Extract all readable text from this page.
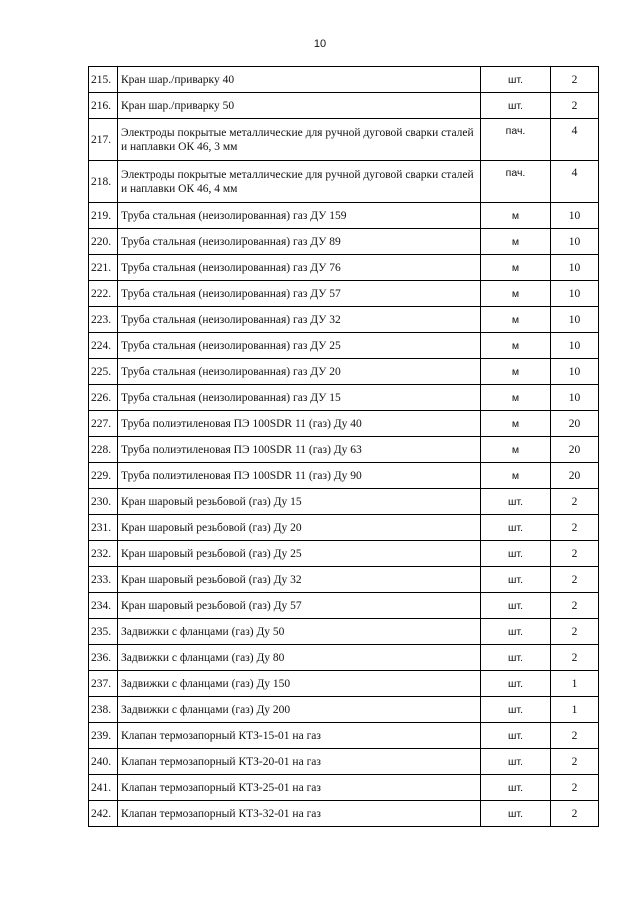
10
215.	Кран шар./приварку 40	шт.	2
216.	Кран шар./приварку 50	шт.	2
217.	Электроды покрытые металлические для ручной дуговой сварки сталей и наплавки ОК 46, 3 мм	пач.	4
218.	Электроды покрытые металлические для ручной дуговой сварки сталей и наплавки ОК 46, 4 мм	пач.	4
219.	Труба стальная (неизолированная) газ ДУ 159	м	10
220.	Труба стальная (неизолированная) газ ДУ 89	м	10
221.	Труба стальная (неизолированная) газ ДУ 76	м	10
222.	Труба стальная (неизолированная) газ ДУ 57	м	10
223.	Труба стальная (неизолированная) газ ДУ 32	м	10
224.	Труба стальная (неизолированная) газ ДУ 25	м	10
225.	Труба стальная (неизолированная) газ ДУ 20	м	10
226.	Труба стальная (неизолированная) газ ДУ 15	м	10
227.	Труба полиэтиленовая ПЭ 100SDR 11 (газ) Ду 40	м	20
228.	Труба полиэтиленовая ПЭ 100SDR 11 (газ) Ду 63	м	20
229.	Труба полиэтиленовая ПЭ 100SDR 11 (газ) Ду 90	м	20
230.	Кран шаровый резьбовой (газ) Ду 15	шт.	2
231.	Кран шаровый резьбовой (газ) Ду 20	шт.	2
232.	Кран шаровый резьбовой (газ) Ду 25	шт.	2
233.	Кран шаровый резьбовой (газ) Ду 32	шт.	2
234.	Кран шаровый резьбовой (газ) Ду 57	шт.	2
235.	Задвижки с фланцами (газ) Ду 50	шт.	2
236.	Задвижки с фланцами (газ) Ду 80	шт.	2
237.	Задвижки с фланцами (газ) Ду 150	шт.	1
238.	Задвижки с фланцами (газ) Ду 200	шт.	1
239.	Клапан термозапорный КТЗ-15-01 на газ	шт.	2
240.	Клапан термозапорный КТЗ-20-01 на газ	шт.	2
241.	Клапан термозапорный КТЗ-25-01 на газ	шт.	2
242.	Клапан термозапорный КТЗ-32-01 на газ	шт.	2
